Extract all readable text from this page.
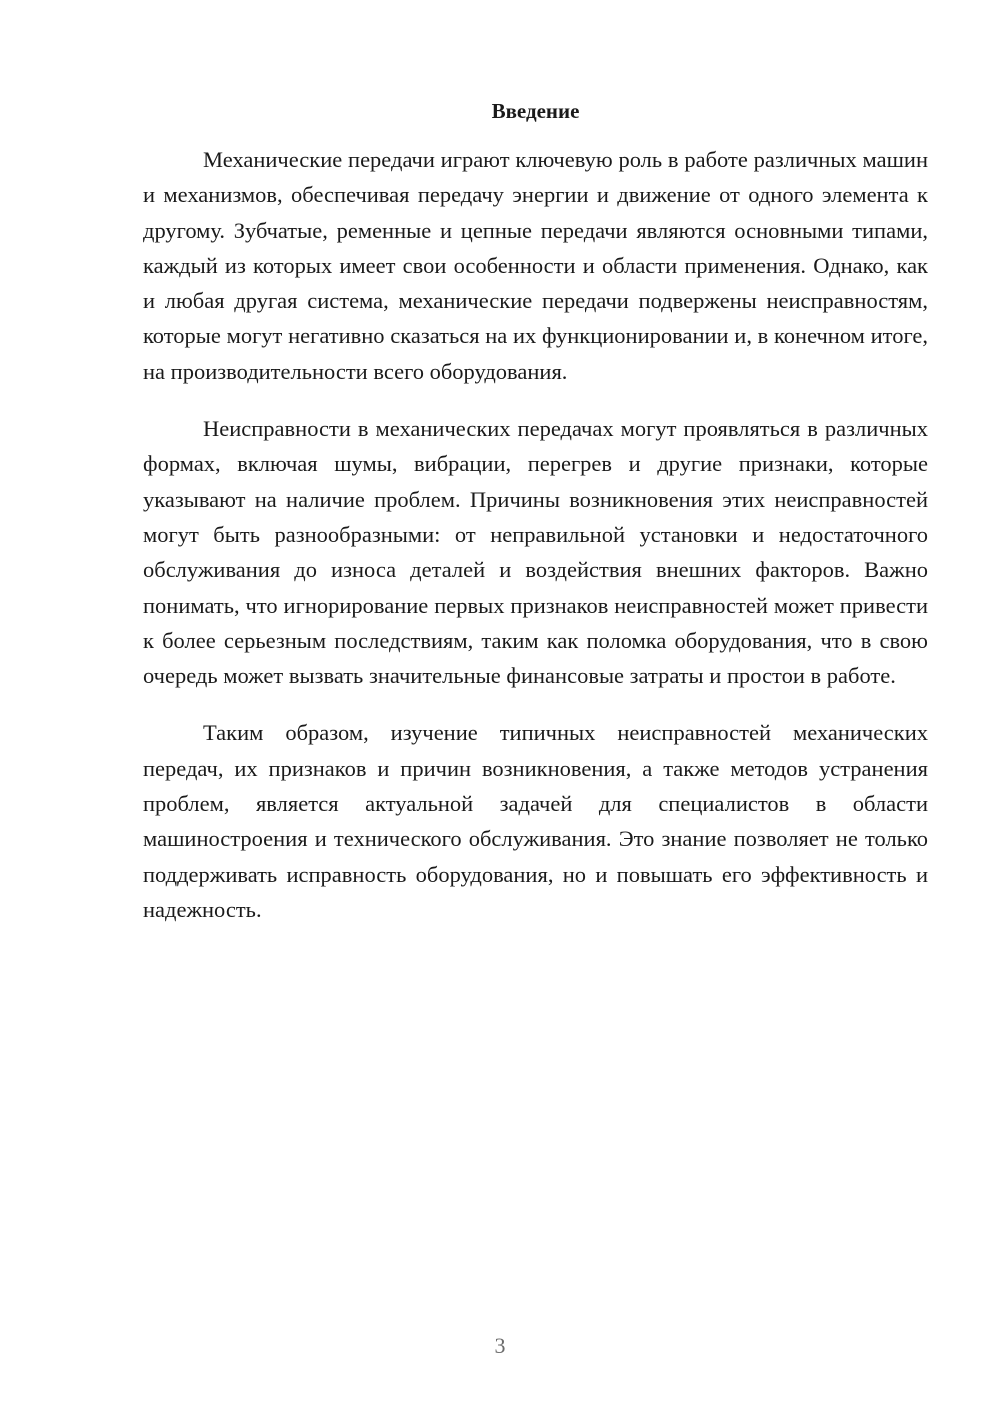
Введение

Механические передачи играют ключевую роль в работе различных машин и механизмов, обеспечивая передачу энергии и движение от одного элемента к другому. Зубчатые, ременные и цепные передачи являются основными типами, каждый из которых имеет свои особенности и области применения. Однако, как и любая другая система, механические передачи подвержены неисправностям, которые могут негативно сказаться на их функционировании и, в конечном итоге, на производительности всего оборудования.

Неисправности в механических передачах могут проявляться в различных формах, включая шумы, вибрации, перегрев и другие признаки, которые указывают на наличие проблем. Причины возникновения этих неисправностей могут быть разнообразными: от неправильной установки и недостаточного обслуживания до износа деталей и воздействия внешних факторов. Важно понимать, что игнорирование первых признаков неисправностей может привести к более серьезным последствиям, таким как поломка оборудования, что в свою очередь может вызвать значительные финансовые затраты и простои в работе.

Таким образом, изучение типичных неисправностей механических передач, их признаков и причин возникновения, а также методов устранения проблем, является актуальной задачей для специалистов в области машиностроения и технического обслуживания. Это знание позволяет не только поддерживать исправность оборудования, но и повышать его эффективность и надежность.

3
